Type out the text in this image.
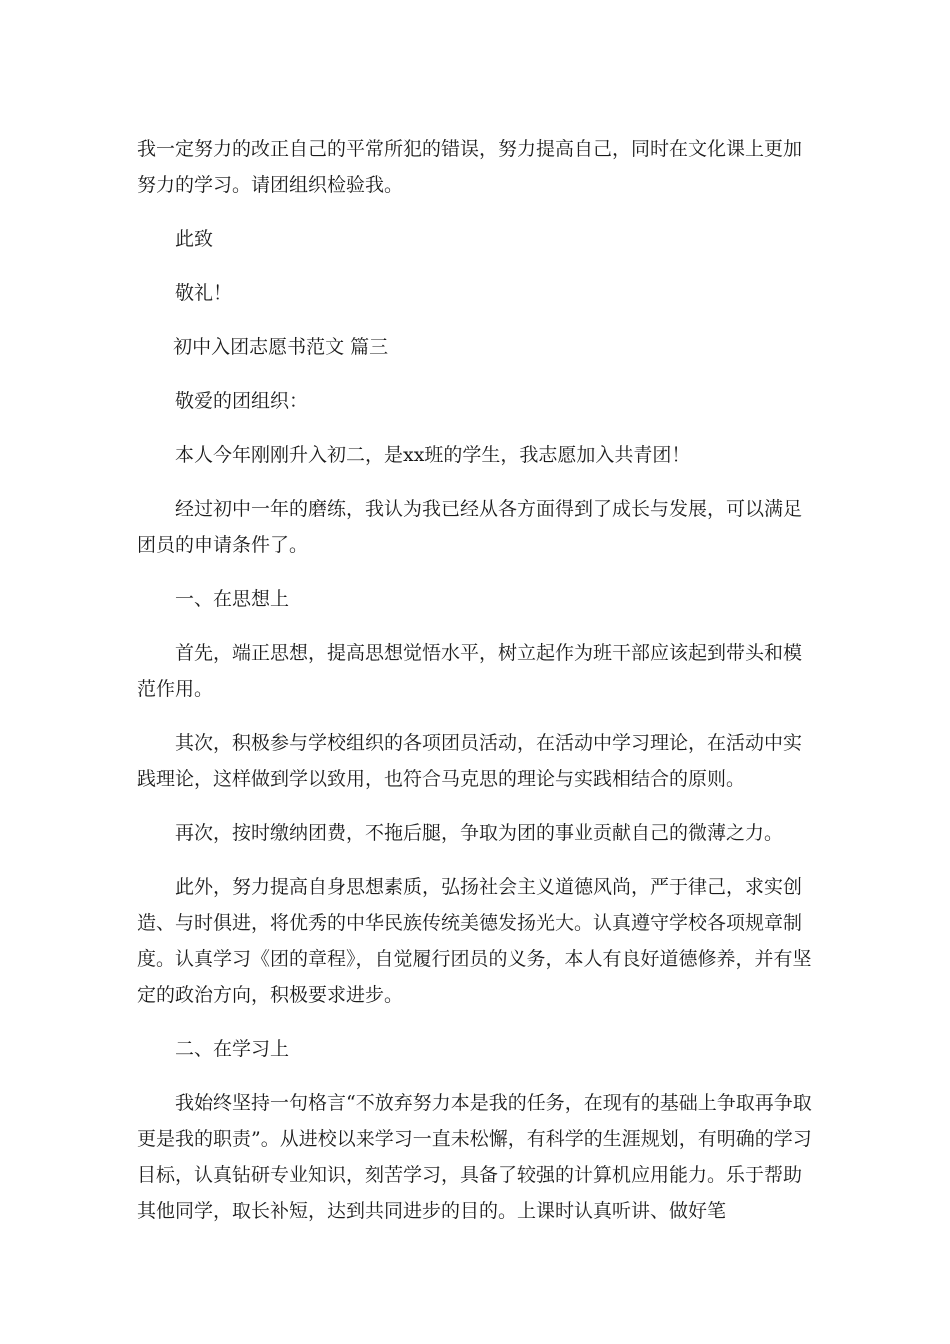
我一定努力的改正自己的平常所犯的错误，努力提高自己，同时在文化课上更加努力的学习。请团组织检验我。

此致

敬礼！

初中入团志愿书范文 篇三

敬爱的团组织：

本人今年刚刚升入初二，是xx班的学生，我志愿加入共青团！

经过初中一年的磨练，我认为我已经从各方面得到了成长与发展，可以满足团员的申请条件了。

一、在思想上

首先，端正思想，提高思想觉悟水平，树立起作为班干部应该起到带头和模范作用。

其次，积极参与学校组织的各项团员活动，在活动中学习理论，在活动中实践理论，这样做到学以致用，也符合马克思的理论与实践相结合的原则。

再次，按时缴纳团费，不拖后腿，争取为团的事业贡献自己的微薄之力。

此外，努力提高自身思想素质，弘扬社会主义道德风尚，严于律己，求实创造、与时俱进，将优秀的中华民族传统美德发扬光大。认真遵守学校各项规章制度。认真学习《团的章程》，自觉履行团员的义务，本人有良好道德修养，并有坚定的政治方向，积极要求进步。

二、在学习上

我始终坚持一句格言“不放弃努力本是我的任务，在现有的基础上争取再争取更是我的职责”。从进校以来学习一直未松懈，有科学的生涯规划，有明确的学习目标，认真钻研专业知识，刻苦学习，具备了较强的计算机应用能力。乐于帮助其他同学，取长补短，达到共同进步的目的。上课时认真听讲、做好笔
